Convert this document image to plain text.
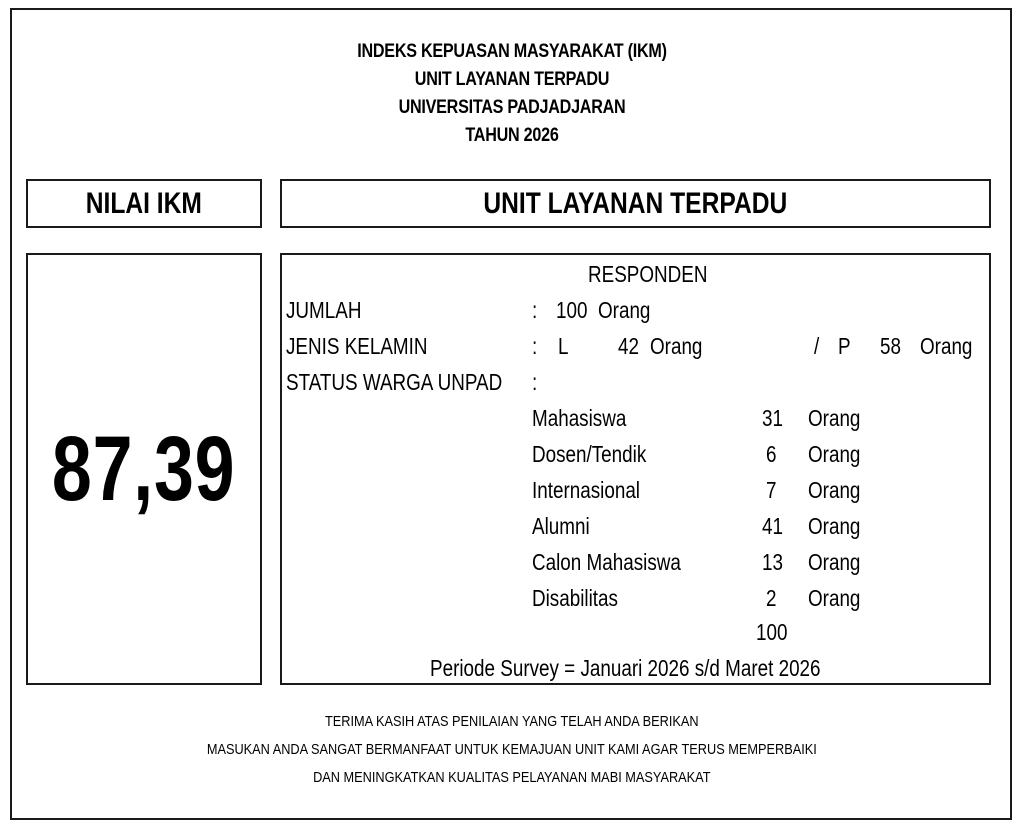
INDEKS KEPUASAN MASYARAKAT (IKM)
UNIT LAYANAN TERPADU
UNIVERSITAS PADJADJARAN
TAHUN 2026
NILAI IKM	UNIT LAYANAN TERPADU
87,39
RESPONDEN
JUMLAH	: 100 Orang
JENIS KELAMIN	: L 42 Orang	/ P 58 Orang
STATUS WARGA UNPAD	:
Mahasiswa	31 Orang
Dosen/Tendik	6 Orang
Internasional	7 Orang
Alumni	41 Orang
Calon Mahasiswa	13 Orang
Disabilitas	2 Orang
100
Periode Survey = Januari 2026 s/d Maret 2026
TERIMA KASIH ATAS PENILAIAN YANG TELAH ANDA BERIKAN
MASUKAN ANDA SANGAT BERMANFAAT UNTUK KEMAJUAN UNIT KAMI AGAR TERUS MEMPERBAIKI
DAN MENINGKATKAN KUALITAS PELAYANAN MABI MASYARAKAT
